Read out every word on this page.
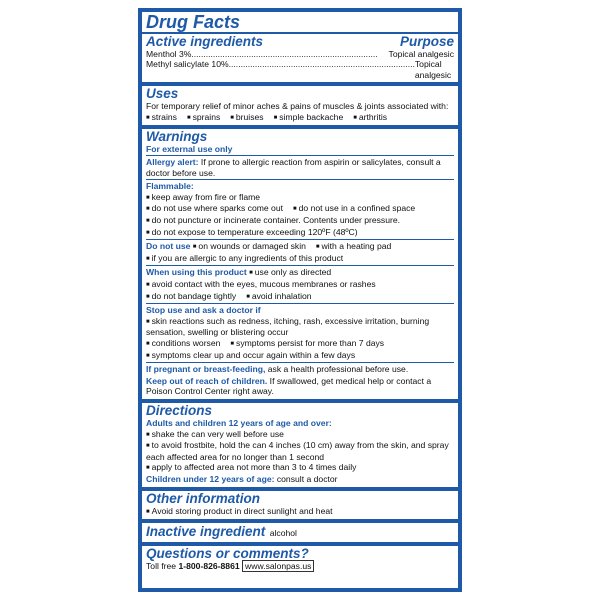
Drug Facts
Active ingredients	Purpose
Menthol 3%..............................................................................	Topical analgesic
Methyl salicylate 10%.............................................................................. Topical analgesic
Uses
For temporary relief of minor aches & pains of muscles & joints associated with:
■ strains ■ sprains ■ bruises ■ simple backache ■ arthritis
Warnings
For external use only
Allergy alert: If prone to allergic reaction from aspirin or salicylates, consult a doctor before use.
Flammable:
■ keep away from fire or flame
■ do not use where sparks come out ■ do not use in a confined space
■ do not puncture or incinerate container. Contents under pressure.
■ do not expose to temperature exceeding 120ºF (48ºC)
Do not use ■ on wounds or damaged skin ■ with a heating pad
■ if you are allergic to any ingredients of this product
When using this product ■ use only as directed
■ avoid contact with the eyes, mucous membranes or rashes
■ do not bandage tightly ■ avoid inhalation
Stop use and ask a doctor if
■ skin reactions such as redness, itching, rash, excessive irritation, burning sensation, swelling or blistering occur
■ conditions worsen ■ symptoms persist for more than 7 days
■ symptoms clear up and occur again within a few days
If pregnant or breast-feeding, ask a health professional before use.
Keep out of reach of children. If swallowed, get medical help or contact a Poison Control Center right away.
Directions
Adults and children 12 years of age and over:
■ shake the can very well before use
■ to avoid frostbite, hold the can 4 inches (10 cm) away from the skin, and spray each affected area for no longer than 1 second
■ apply to affected area not more than 3 to 4 times daily
Children under 12 years of age: consult a doctor
Other information
■ Avoid storing product in direct sunlight and heat
Inactive ingredient alcohol
Questions or comments?
Toll free 1-800-826-8861 www.salonpas.us
